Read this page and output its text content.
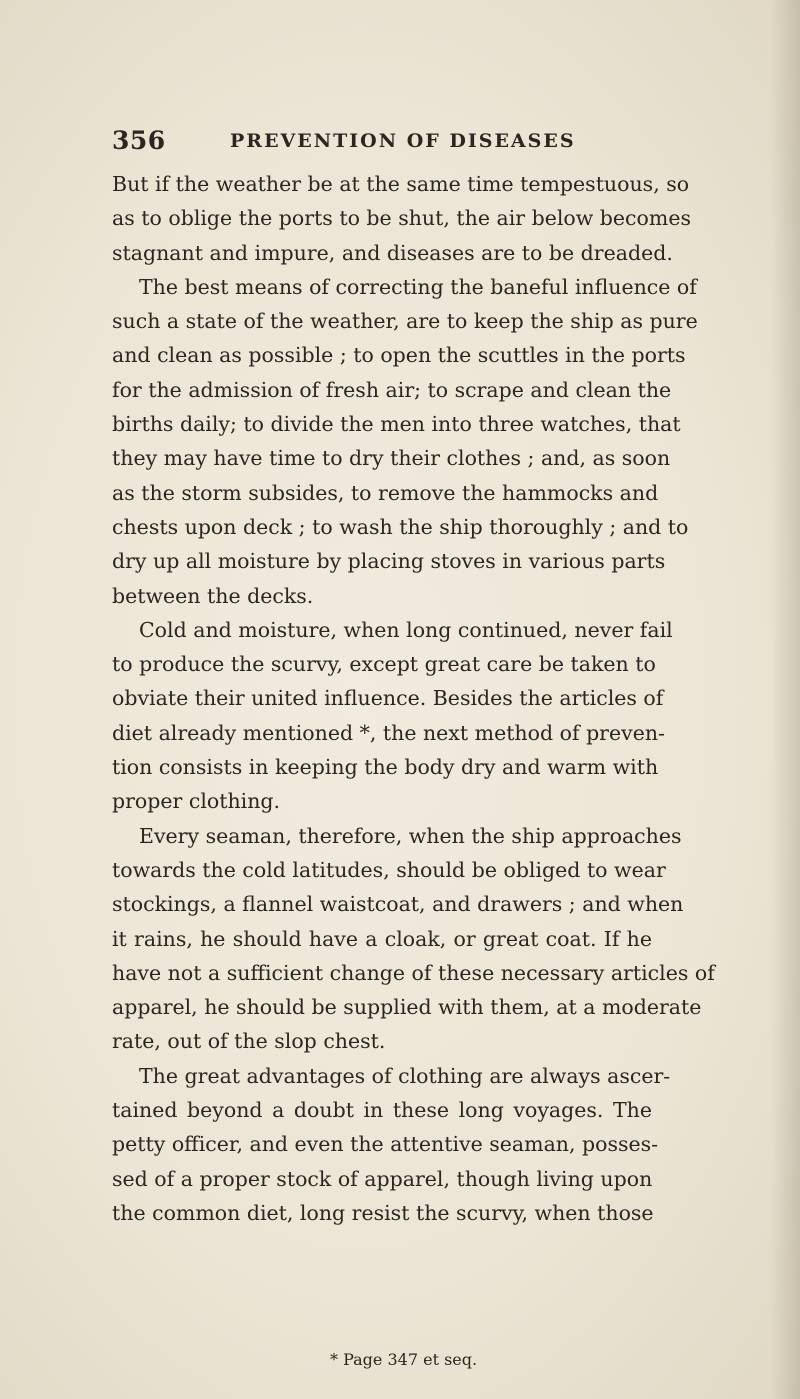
356	PREVENTION OF DISEASES
But if the weather be at the same time tempestuous, so
as to oblige the ports to be shut, the air below becomes
stagnant and impure, and diseases are to be dreaded.
The best means of correcting the baneful influence of
such a state of the weather, are to keep the ship as pure
and clean as possible ; to open the scuttles in the ports
for the admission of fresh air; to scrape and clean the
births daily; to divide the men into three watches, that
they may have time to dry their clothes ; and, as soon
as the storm subsides, to remove the hammocks and
chests upon deck ; to wash the ship thoroughly ; and to
dry up all moisture by placing stoves in various parts
between the decks.
Cold and moisture, when long continued, never fail
to produce the scurvy, except great care be taken to
obviate their united influence. Besides the articles of
diet already mentioned *, the next method of preven-
tion consists in keeping the body dry and warm with
proper clothing.
Every seaman, therefore, when the ship approaches
towards the cold latitudes, should be obliged to wear
stockings, a flannel waistcoat, and drawers ; and when
it rains, he should have a cloak, or great coat. If he
have not a sufficient change of these necessary articles of
apparel, he should be supplied with them, at a moderate
rate, out of the slop chest.
The great advantages of clothing are always ascer-
tained beyond a doubt in these long voyages. The
petty officer, and even the attentive seaman, posses-
sed of a proper stock of apparel, though living upon
the common diet, long resist the scurvy, when those
* Page 347 et seq.
